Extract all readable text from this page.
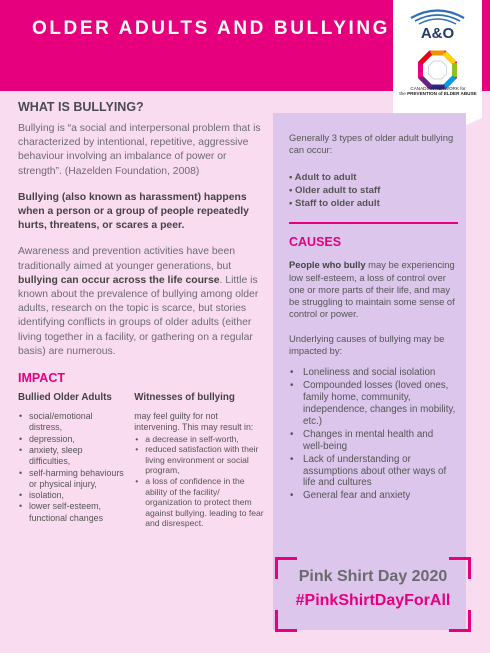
OLDER ADULTS AND BULLYING	A&O
CANADIAN NETWORK for
the PREVENTION of ELDER ABUSE
WHAT IS BULLYING?

Bullying is “a social and interpersonal problem that is characterized by intentional, repetitive, aggressive behaviour involving an imbalance of power or strength”. (Hazelden Foundation, 2008)

Bullying (also known as harassment) happens when a person or a group of people repeatedly hurts, threatens, or scares a peer.

Awareness and prevention activities have been traditionally aimed at younger generations, but bullying can occur across the life course. Little is known about the prevalence of bullying among older adults, research on the topic is scarce, but stories identifying conflicts in groups of older adults (either living together in a facility, or gathering on a regular basis) are numerous.

IMPACT
Bullied Older Adults
• social/emotional distress,
• depression,
• anxiety, sleep difficulties,
• self-harming behaviours or physical injury,
• isolation,
• lower self-esteem, functional changes
Witnesses of bullying
may feel guilty for not intervening. This may result in:
• a decrease in self-worth,
• reduced satisfaction with their living environment or social program,
• a loss of confidence in the ability of the facility/ organization to protect them against bullying. leading to fear and disrespect.
Generally 3 types of older adult bullying can occur:
• Adult to adult
• Older adult to staff
• Staff to older adult
CAUSES
People who bully may be experiencing low self-esteem, a loss of control over one or more parts of their life, and may be struggling to maintain some sense of control or power.
Underlying causes of bullying may be impacted by:
• Loneliness and social isolation
• Compounded losses (loved ones, family home, community, independence, changes in mobility, etc.)
• Changes in mental health and well-being
• Lack of understanding or assumptions about other ways of life and cultures
• General fear and anxiety
Pink Shirt Day 2020
#PinkShirtDayForAll
